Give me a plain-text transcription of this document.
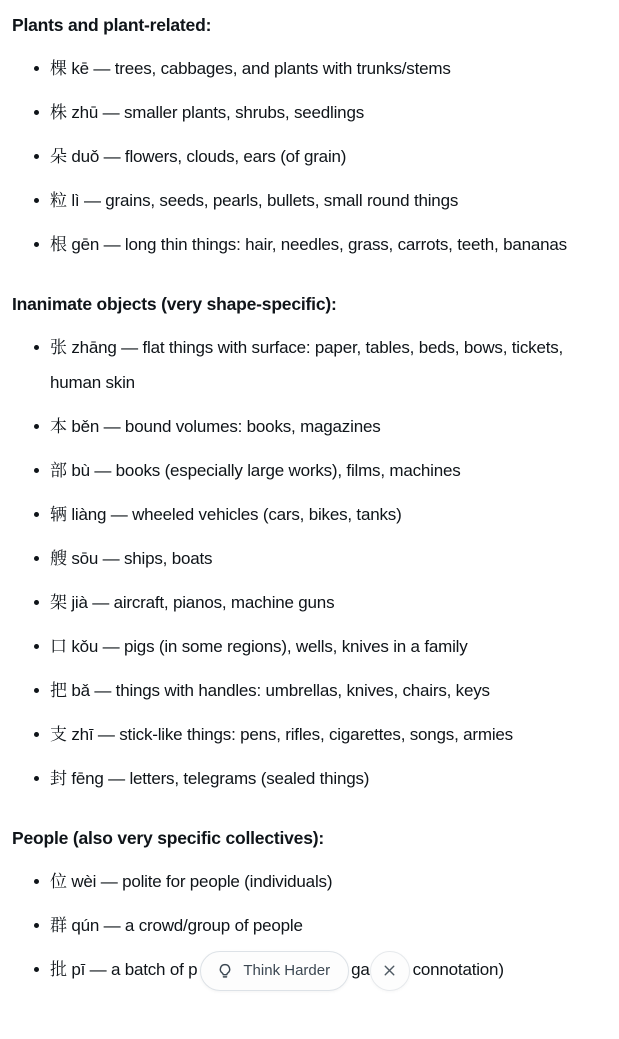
Plants and plant-related:
棵 kē — trees, cabbages, and plants with trunks/stems
株 zhū — smaller plants, shrubs, seedlings
朵 duǒ — flowers, clouds, ears (of grain)
粒 lì — grains, seeds, pearls, bullets, small round things
根 gēn — long thin things: hair, needles, grass, carrots, teeth, bananas
Inanimate objects (very shape-specific):
张 zhāng — flat things with surface: paper, tables, beds, bows, tickets, human skin
本 běn — bound volumes: books, magazines
部 bù — books (especially large works), films, machines
辆 liàng — wheeled vehicles (cars, bikes, tanks)
艘 sōu — ships, boats
架 jià — aircraft, pianos, machine guns
口 kǒu — pigs (in some regions), wells, knives in a family
把 bǎ — things with handles: umbrellas, knives, chairs, keys
支 zhī — stick-like things: pens, rifles, cigarettes, songs, armies
封 fēng — letters, telegrams (sealed things)
People (also very specific collectives):
位 wèi — polite for people (individuals)
群 qún — a crowd/group of people
批 pī — a batch of p	Think Harder ga	connotation)
